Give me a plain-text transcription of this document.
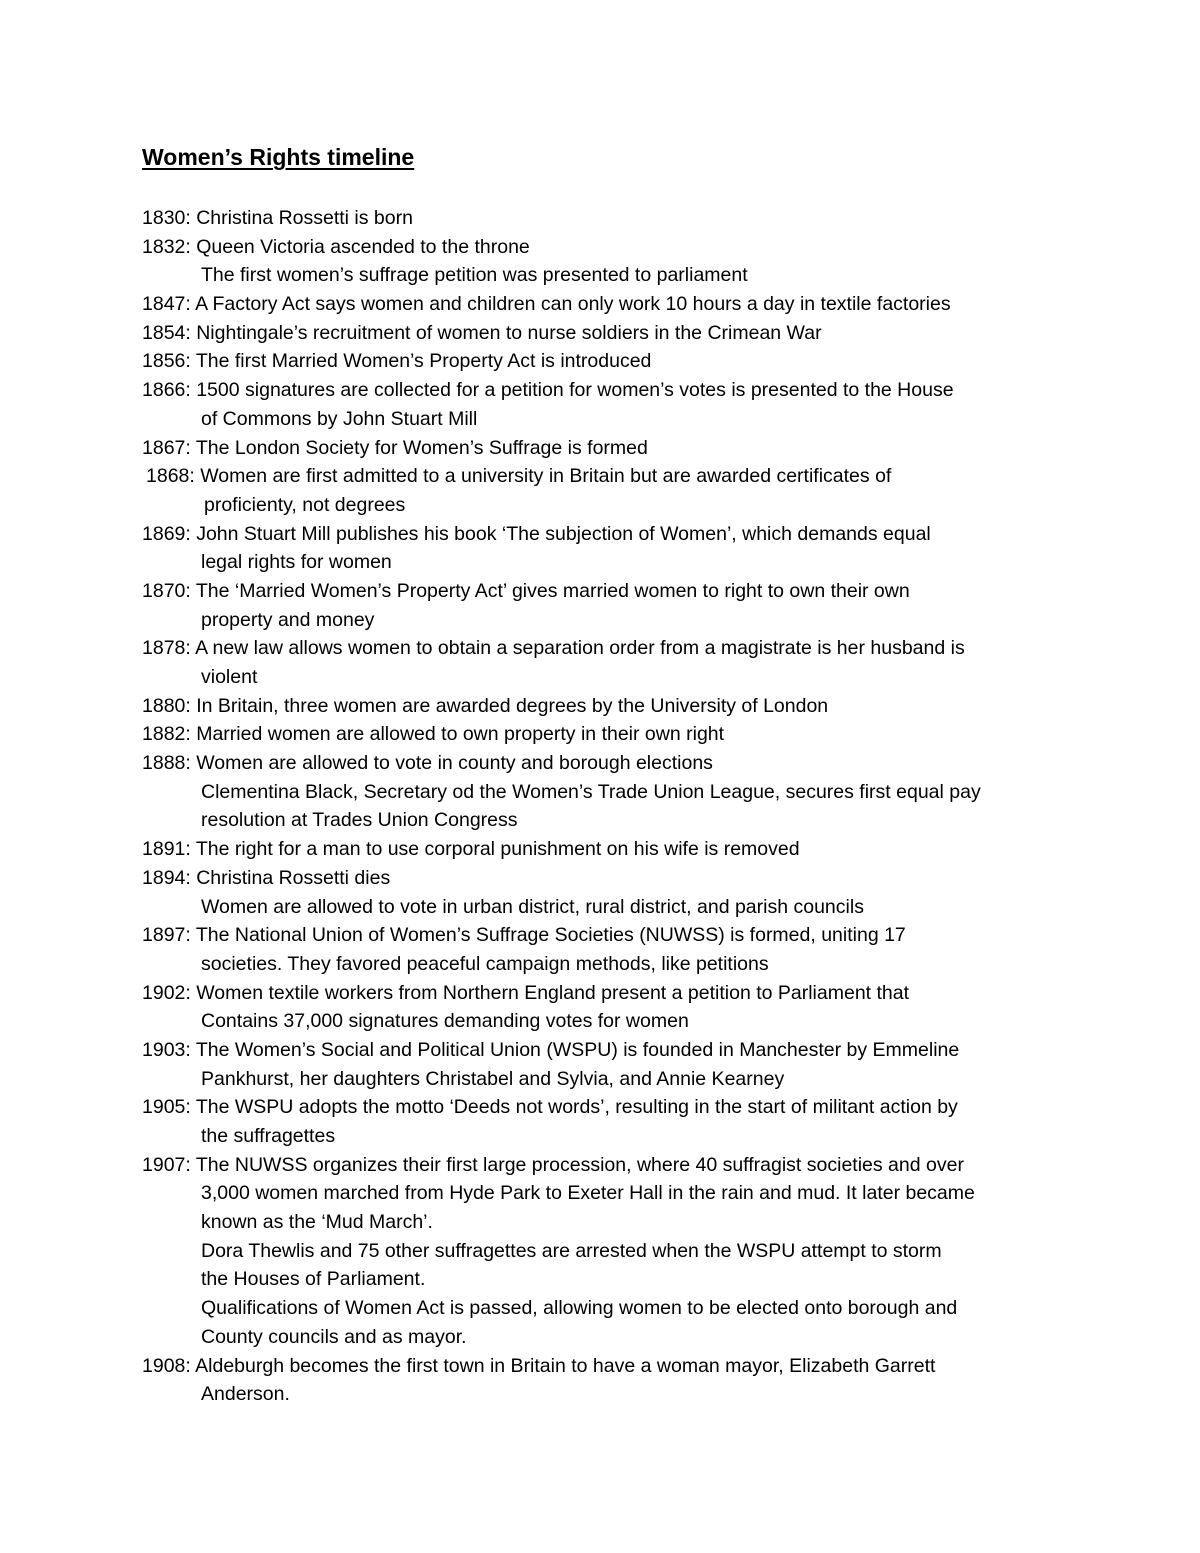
Women’s Rights timeline
1830: Christina Rossetti is born
1832: Queen Victoria ascended to the throne
The first women’s suffrage petition was presented to parliament
1847: A Factory Act says women and children can only work 10 hours a day in textile factories
1854: Nightingale’s recruitment of women to nurse soldiers in the Crimean War
1856: The first Married Women’s Property Act is introduced
1866: 1500 signatures are collected for a petition for women’s votes is presented to the House
of Commons by John Stuart Mill
1867: The London Society for Women’s Suffrage is formed
1868: Women are first admitted to a university in Britain but are awarded certificates of
proficienty, not degrees
1869: John Stuart Mill publishes his book ‘The subjection of Women’, which demands equal
legal rights for women
1870: The ‘Married Women’s Property Act’ gives married women to right to own their own
property and money
1878: A new law allows women to obtain a separation order from a magistrate is her husband is
violent
1880: In Britain, three women are awarded degrees by the University of London
1882: Married women are allowed to own property in their own right
1888: Women are allowed to vote in county and borough elections
Clementina Black, Secretary od the Women’s Trade Union League, secures first equal pay
resolution at Trades Union Congress
1891: The right for a man to use corporal punishment on his wife is removed
1894: Christina Rossetti dies
Women are allowed to vote in urban district, rural district, and parish councils
1897: The National Union of Women’s Suffrage Societies (NUWSS) is formed, uniting 17
societies. They favored peaceful campaign methods, like petitions
1902: Women textile workers from Northern England present a petition to Parliament that
Contains 37,000 signatures demanding votes for women
1903: The Women’s Social and Political Union (WSPU) is founded in Manchester by Emmeline
Pankhurst, her daughters Christabel and Sylvia, and Annie Kearney
1905: The WSPU adopts the motto ‘Deeds not words’, resulting in the start of militant action by
the suffragettes
1907: The NUWSS organizes their first large procession, where 40 suffragist societies and over
3,000 women marched from Hyde Park to Exeter Hall in the rain and mud. It later became
known as the ‘Mud March’.
Dora Thewlis and 75 other suffragettes are arrested when the WSPU attempt to storm
the Houses of Parliament.
Qualifications of Women Act is passed, allowing women to be elected onto borough and
County councils and as mayor.
1908: Aldeburgh becomes the first town in Britain to have a woman mayor, Elizabeth Garrett
Anderson.
